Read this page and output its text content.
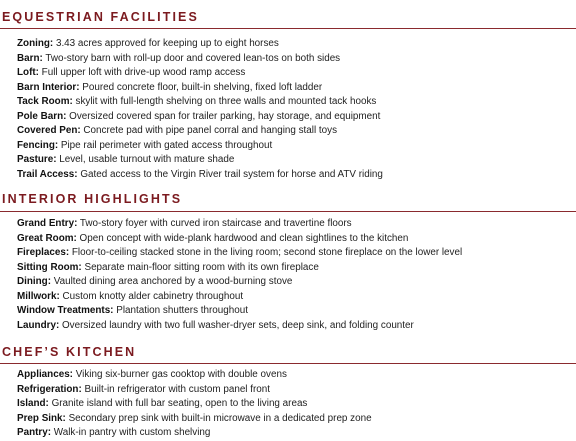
EQUESTRIAN FACILITIES
Zoning: 3.43 acres approved for keeping up to eight horses
Barn: Two-story barn with roll-up door and covered lean-tos on both sides
Loft: Full upper loft with drive-up wood ramp access
Barn Interior: Poured concrete floor, built-in shelving, fixed loft ladder
Tack Room: skylit with full-length shelving on three walls and mounted tack hooks
Pole Barn: Oversized covered span for trailer parking, hay storage, and equipment
Covered Pen: Concrete pad with pipe panel corral and hanging stall toys
Fencing: Pipe rail perimeter with gated access throughout
Pasture: Level, usable turnout with mature shade
Trail Access: Gated access to the Virgin River trail system for horse and ATV riding
INTERIOR HIGHLIGHTS
Grand Entry: Two-story foyer with curved iron staircase and travertine floors
Great Room: Open concept with wide-plank hardwood and clean sightlines to the kitchen
Fireplaces: Floor-to-ceiling stacked stone in the living room; second stone fireplace on the lower level
Sitting Room: Separate main-floor sitting room with its own fireplace
Dining: Vaulted dining area anchored by a wood-burning stove
Millwork: Custom knotty alder cabinetry throughout
Window Treatments: Plantation shutters throughout
Laundry: Oversized laundry with two full washer-dryer sets, deep sink, and folding counter
CHEF’S KITCHEN
Appliances: Viking six-burner gas cooktop with double ovens
Refrigeration: Built-in refrigerator with custom panel front
Island: Granite island with full bar seating, open to the living areas
Prep Sink: Secondary prep sink with built-in microwave in a dedicated prep zone
Pantry: Walk-in pantry with custom shelving
